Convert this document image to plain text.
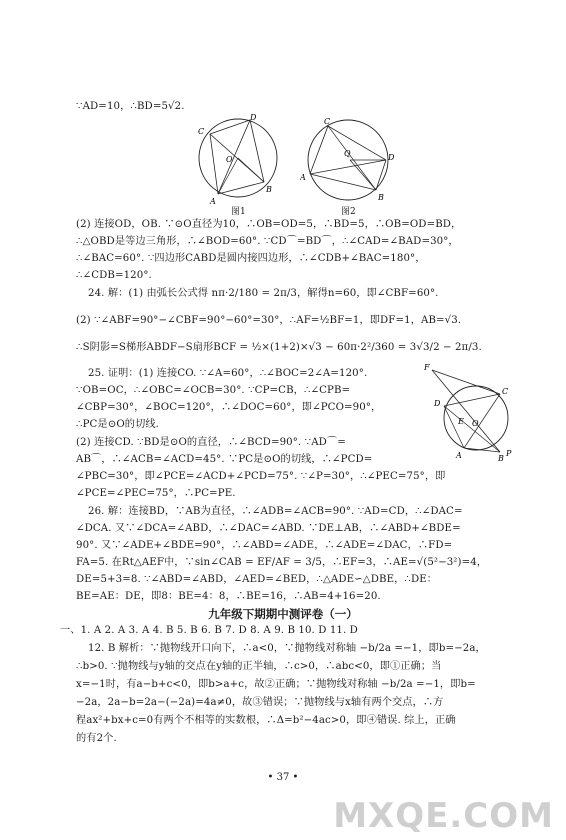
C
D
O
A
B
图1
C
Q	D
A
B
图2
∵AD=10，∴BD=5√2.
(2) 连接OD，OB. ∵⊙O直径为10，∴OB=OD=5，∴BD=5，∴OB=OD=BD，
∴△OBD是等边三角形，∴∠BOD=60°. ∵CD⌒=BD⌒，∴∠CAD=∠BAD=30°，
∴∠BAC=60°. ∵四边形CABD是圆内接四边形，∴∠CDB+∠BAC=180°，
∴∠CDB=120°.
24. 解：(1) 由弧长公式得 nπ·2/180 = 2π/3，解得n=60，即∠CBF=60°.
(2) ∵∠ABF=90°−∠CBF=90°−60°=30°，∴AF=½BF=1，即DF=1，AB=√3.
∴S阴影=S梯形ABDF−S扇形BCF = ½×(1+2)×√3 − 60π·2²/360 = 3√3/2 − 2π/3.
25. 证明：(1) 连接CO. ∵∠A=60°，∴∠BOC=2∠A=120°.
∵OB=OC，∴∠OBC=∠OCB=30°. ∵CP=CB，∴∠CPB=
∠CBP=30°，∠BOC=120°，∴∠DOC=60°，即∠PCO=90°，
∴PC是⊙O的切线.
(2) 连接CD. ∵BD是⊙O的直径，∴∠BCD=90°. ∵AD⌒=
AB⌒，∴∠ACB=∠ACD=45°. ∵PC是⊙O的切线，∴∠PCD=
∠PBC=30°，即∠PCE=∠ACD+∠PCD=75°. ∵∠P=30°，∴∠PEC=75°，即
∠PCE=∠PEC=75°，∴PC=PE.
F
C
D
E O
A	P
B
26. 解：连接BD，∵AB为直径，∴∠ADB=∠ACB=90°. ∵AD=CD，∴∠DAC=
∠DCA. 又∵∠DCA=∠ABD，∴∠DAC=∠ABD. ∵DE⊥AB，∴∠ABD+∠BDE=
90°. 又∵∠ADE+∠BDE=90°，∴∠ABD=∠ADE，∴∠ADE=∠DAC，∴FD=
FA=5. 在Rt△AEF中，∵sin∠CAB = EF/AF = 3/5，∴EF=3，∴AE=√(5²−3²)=4，
DE=5+3=8. ∵∠ABD=∠ABD，∠AED=∠BED，∴△ADE∽△DBE，∴DE：
BE=AE：DE，即8：BE=4：8，∴BE=16，∴AB=4+16=20.
九年级下期期中测评卷（一）
一、1. A 2. A 3. A 4. B 5. B 6. B 7. D 8. A 9. B 10. D 11. D
12. B 解析：∵抛物线开口向下，∴a<0，∵抛物线对称轴 −b/2a =−1，即b=−2a，
∴b>0. ∵抛物线与y轴的交点在y轴的正半轴，∴c>0，∴abc<0，即①正确；当
x=−1时，有a−b+c<0，即b>a+c，故②正确；∵抛物线对称轴 −b/2a =−1，即b=
−2a，2a−b=2a−(−2a)=4a≠0，故③错误；∵抛物线与x轴有两个交点，∴方
程ax²+bx+c=0有两个不相等的实数根，∴Δ=b²−4ac>0，即④错误. 综上，正确
的有2个.
• 37 •
MXQE.COM
